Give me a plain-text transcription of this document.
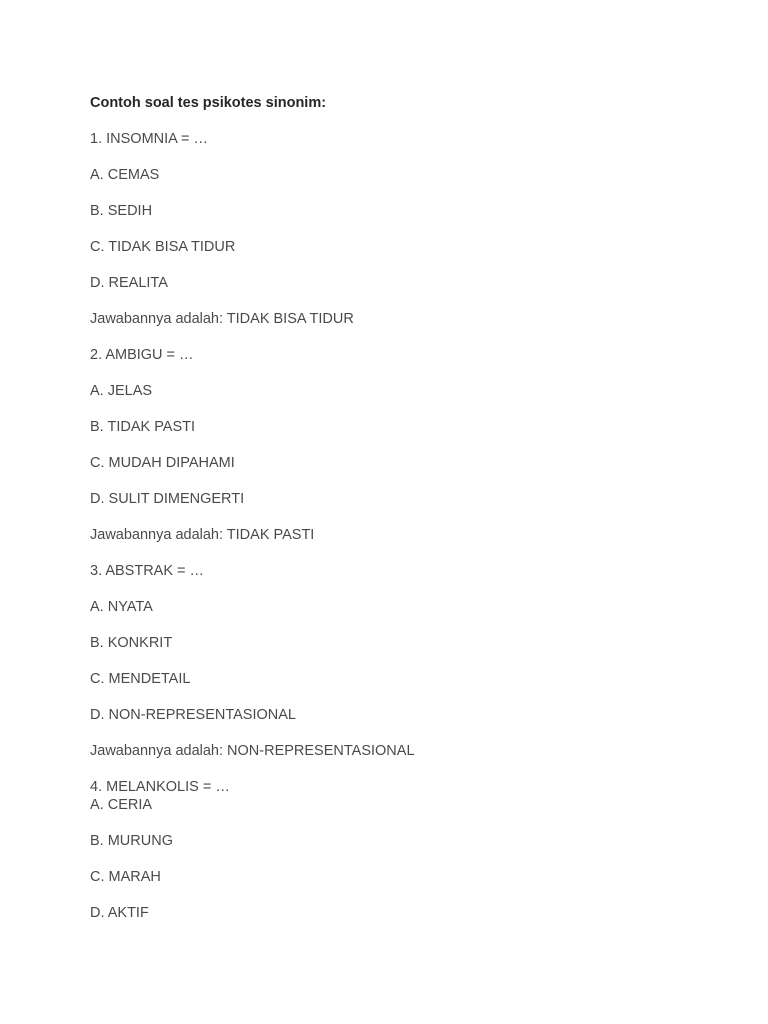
Contoh soal tes psikotes sinonim:

1. INSOMNIA = …

A. CEMAS

B. SEDIH

C. TIDAK BISA TIDUR

D. REALITA

Jawabannya adalah: TIDAK BISA TIDUR

2. AMBIGU = …

A. JELAS

B. TIDAK PASTI

C. MUDAH DIPAHAMI

D. SULIT DIMENGERTI

Jawabannya adalah: TIDAK PASTI

3. ABSTRAK = …

A. NYATA

B. KONKRIT

C. MENDETAIL

D. NON-REPRESENTASIONAL

Jawabannya adalah: NON-REPRESENTASIONAL

4. MELANKOLIS = …

A. CERIA

B. MURUNG

C. MARAH

D. AKTIF
